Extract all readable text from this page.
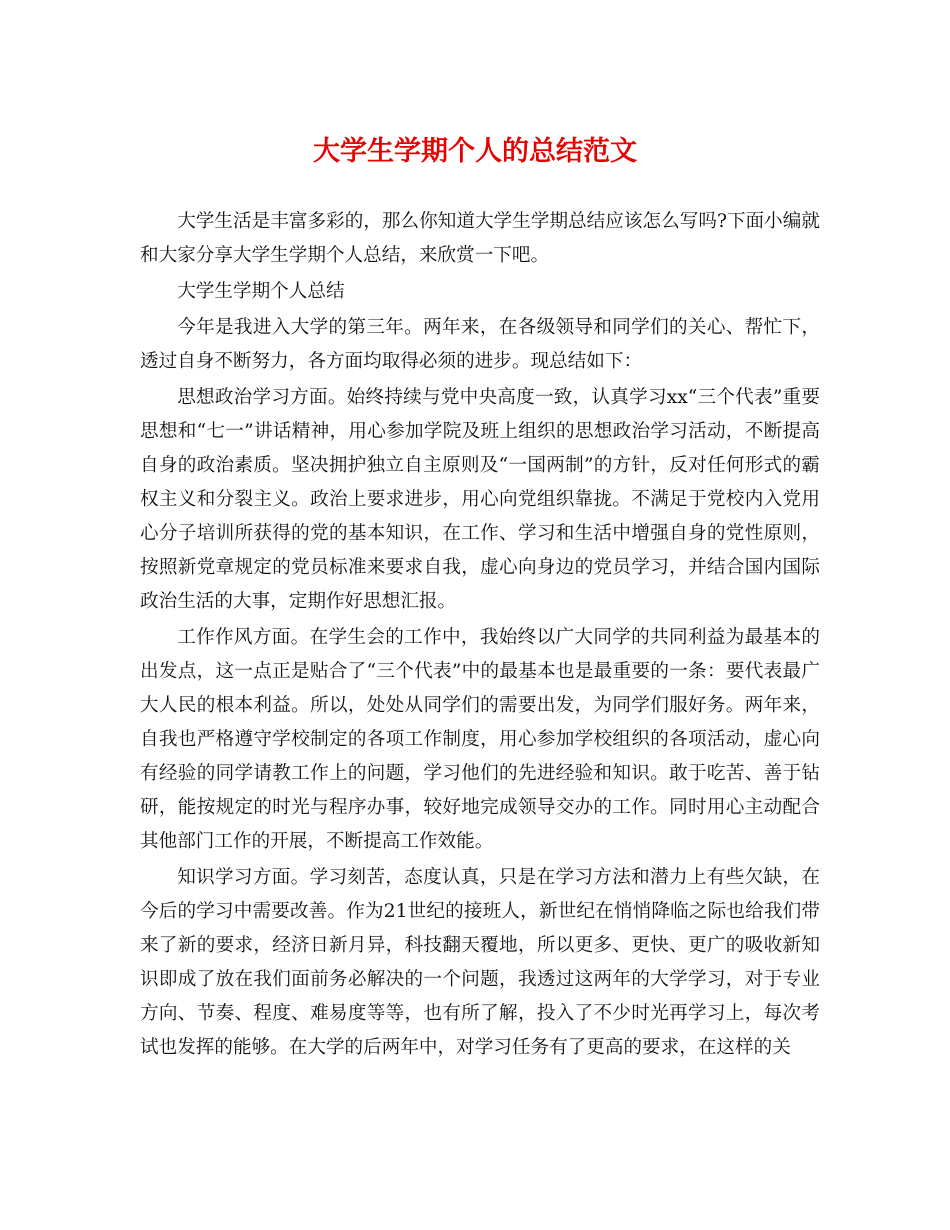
大学生学期个人的总结范文

大学生活是丰富多彩的，那么你知道大学生学期总结应该怎么写吗?下面小编就和大家分享大学生学期个人总结，来欣赏一下吧。

大学生学期个人总结

今年是我进入大学的第三年。两年来，在各级领导和同学们的关心、帮忙下，透过自身不断努力，各方面均取得必须的进步。现总结如下：

思想政治学习方面。始终持续与党中央高度一致，认真学习xx“三个代表”重要思想和“七一”讲话精神，用心参加学院及班上组织的思想政治学习活动，不断提高自身的政治素质。坚决拥护独立自主原则及“一国两制”的方针，反对任何形式的霸权主义和分裂主义。政治上要求进步，用心向党组织靠拢。不满足于党校内入党用心分子培训所获得的党的基本知识，在工作、学习和生活中增强自身的党性原则，按照新党章规定的党员标准来要求自我，虚心向身边的党员学习，并结合国内国际政治生活的大事，定期作好思想汇报。

工作作风方面。在学生会的工作中，我始终以广大同学的共同利益为最基本的出发点，这一点正是贴合了“三个代表”中的最基本也是最重要的一条：要代表最广大人民的根本利益。所以，处处从同学们的需要出发，为同学们服好务。两年来，自我也严格遵守学校制定的各项工作制度，用心参加学校组织的各项活动，虚心向有经验的同学请教工作上的问题，学习他们的先进经验和知识。敢于吃苦、善于钻研，能按规定的时光与程序办事，较好地完成领导交办的工作。同时用心主动配合其他部门工作的开展，不断提高工作效能。

知识学习方面。学习刻苦，态度认真，只是在学习方法和潜力上有些欠缺，在今后的学习中需要改善。作为21世纪的接班人，新世纪在悄悄降临之际也给我们带来了新的要求，经济日新月异，科技翻天覆地，所以更多、更快、更广的吸收新知识即成了放在我们面前务必解决的一个问题，我透过这两年的大学学习，对于专业方向、节奏、程度、难易度等等，也有所了解，投入了不少时光再学习上，每次考试也发挥的能够。在大学的后两年中，对学习任务有了更高的要求，在这样的关
